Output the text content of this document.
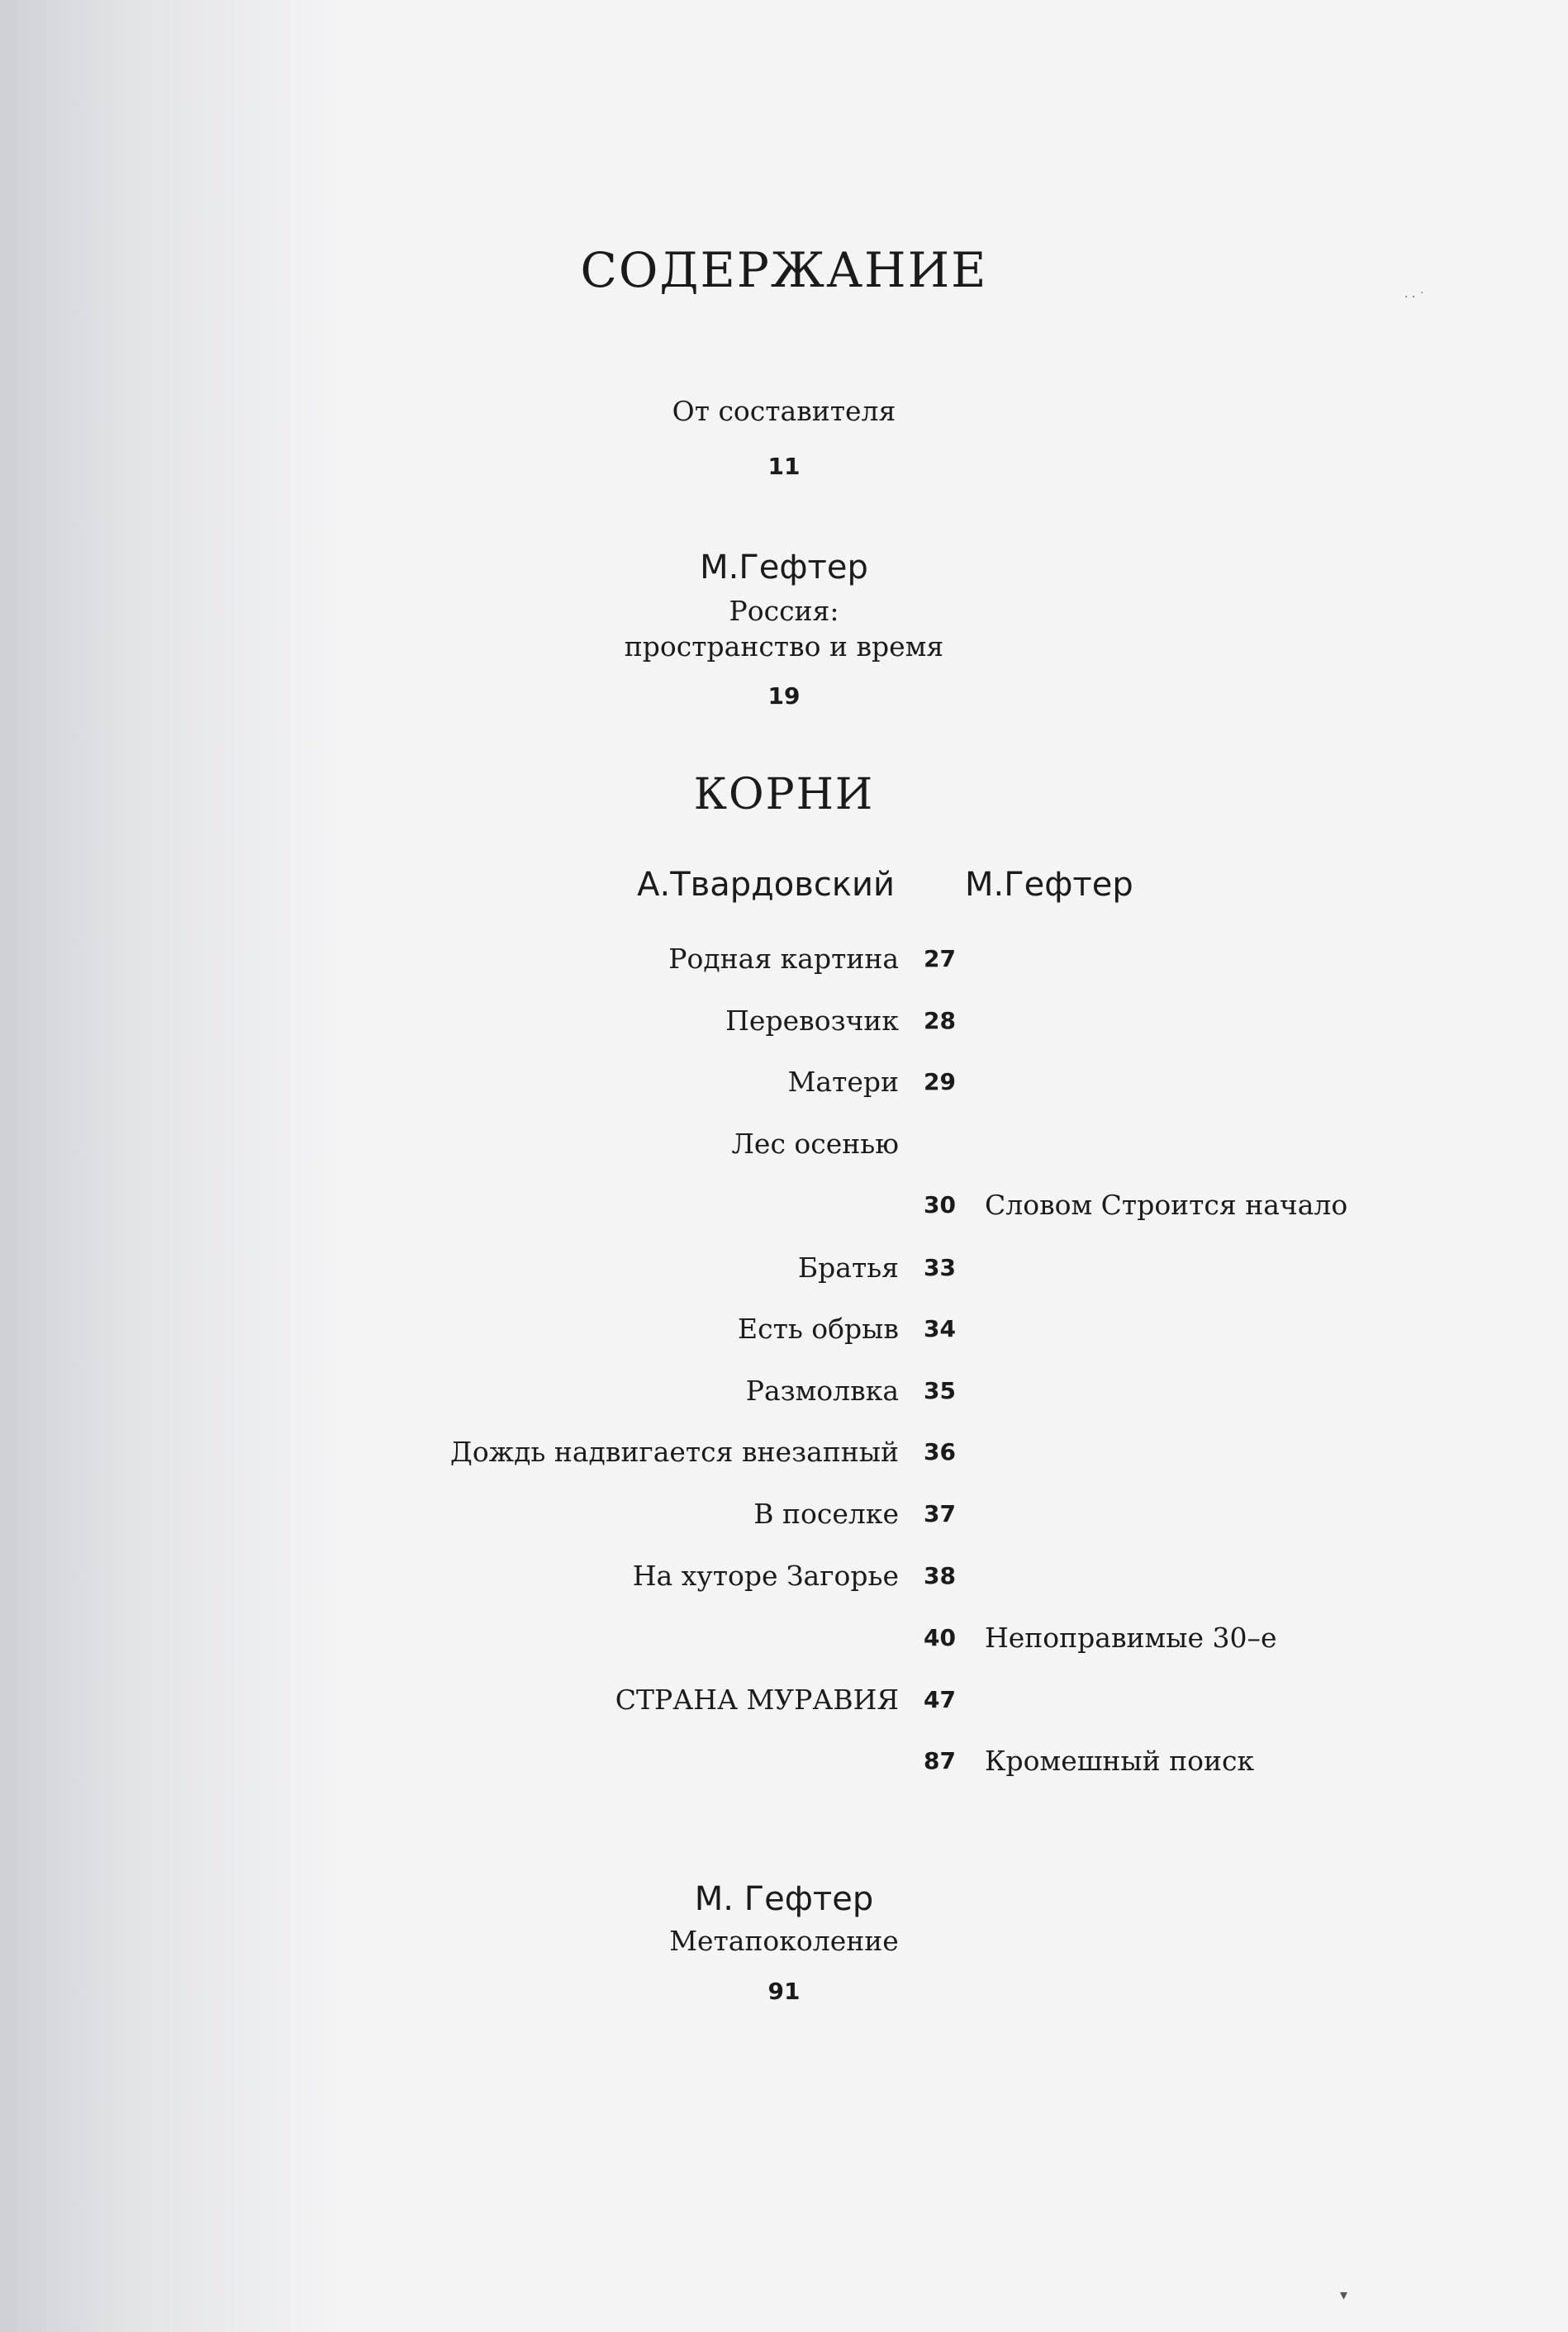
СОДЕРЖАНИЕ
От составителя
11
М.Гефтер
Россия:
пространство и время
19
КОРНИ
А.Твардовский М.Гефтер
Родная картина 27
Перевозчик 28
Матери 29
Лес осенью
30 Словом Строится начало
Братья 33
Есть обрыв 34
Размолвка 35
Дождь надвигается внезапный 36
В поселке 37
На хуторе Загорье 38
40 Непоправимые 30–е
СТРАНА МУРАВИЯ 47
87 Кромешный поиск
М. Гефтер
Метапоколение
91
· · ˙
▾
